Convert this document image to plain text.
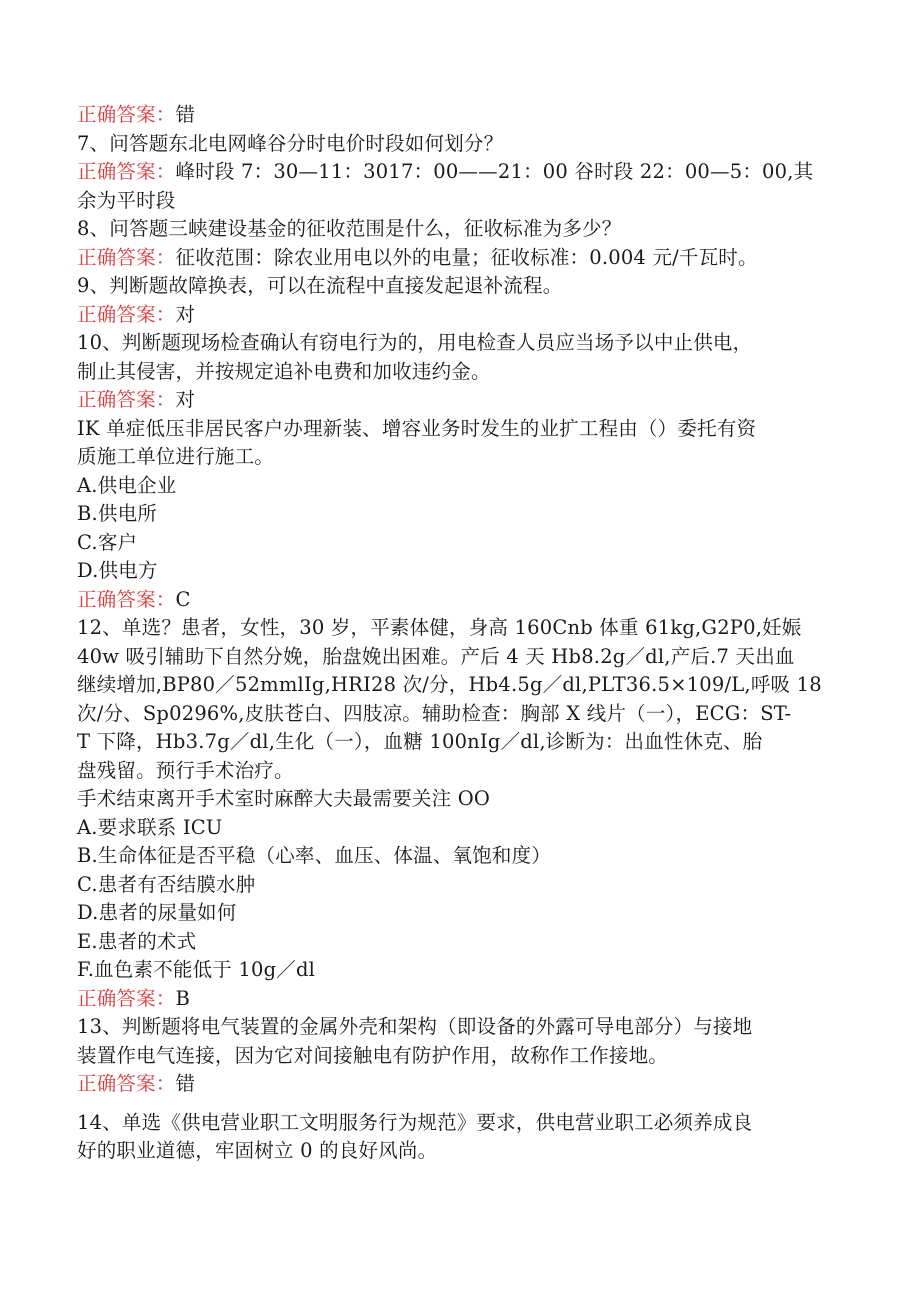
正确答案：错
7、问答题东北电网峰谷分时电价时段如何划分？
正确答案：峰时段 7：30—11：3017：00——21：00 谷时段 22：00—5：00,其
余为平时段
8、问答题三峡建设基金的征收范围是什么，征收标准为多少？
正确答案：征收范围：除农业用电以外的电量；征收标准：0.004 元/千瓦时。
9、判断题故障换表，可以在流程中直接发起退补流程。
正确答案：对
10、判断题现场检查确认有窃电行为的，用电检查人员应当场予以中止供电，
制止其侵害，并按规定追补电费和加收违约金。
正确答案：对
IK 单症低压非居民客户办理新装、增容业务时发生的业扩工程由（）委托有资
质施工单位进行施工。
A.供电企业
B.供电所
C.客户
D.供电方
正确答案：C
12、单选？患者，女性，30 岁，平素体健，身高 160Cnb 体重 61kg,G2P0,妊娠
40w 吸引辅助下自然分娩，胎盘娩出困难。产后 4 天 Hb8.2g／dl,产后.7 天出血
继续增加,BP80／52mmlIg,HRI28 次/分，Hb4.5g／dl,PLT36.5×109/L,呼吸 18
次/分、Sp0296%,皮肤苍白、四肢凉。辅助检查：胸部 X 线片（一），ECG：ST-
T 下降，Hb3.7g／dl,生化（一），血糖 100nIg／dl,诊断为：出血性休克、胎
盘残留。预行手术治疗。
手术结束离开手术室时麻醉大夫最需要关注 OO
A.要求联系 ICU
B.生命体征是否平稳（心率、血压、体温、氧饱和度）
C.患者有否结膜水肿
D.患者的尿量如何
E.患者的术式
F.血色素不能低于 10g／dl
正确答案：B
13、判断题将电气装置的金属外壳和架构（即设备的外露可导电部分）与接地
装置作电气连接，因为它对间接触电有防护作用，故称作工作接地。
正确答案：错
14、单选《供电营业职工文明服务行为规范》要求，供电营业职工必须养成良
好的职业道德，牢固树立 0 的良好风尚。
